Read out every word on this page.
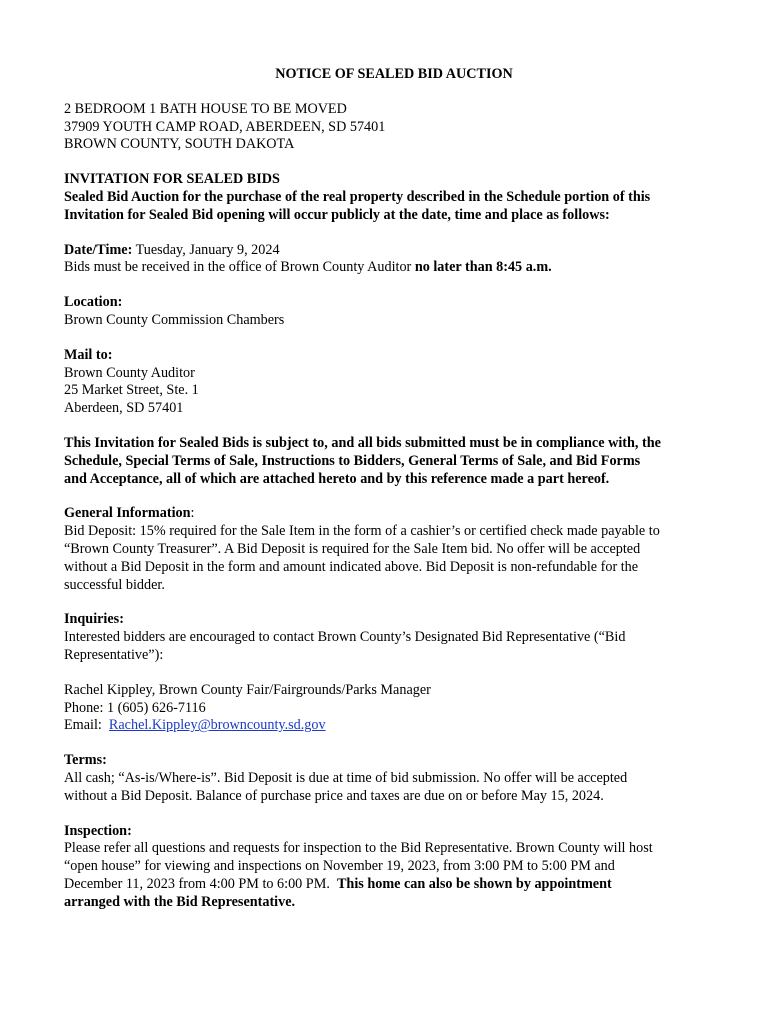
NOTICE OF SEALED BID AUCTION
2 BEDROOM 1 BATH HOUSE TO BE MOVED
37909 YOUTH CAMP ROAD, ABERDEEN, SD 57401
BROWN COUNTY, SOUTH DAKOTA
INVITATION FOR SEALED BIDS
Sealed Bid Auction for the purchase of the real property described in the Schedule portion of this
Invitation for Sealed Bid opening will occur publicly at the date, time and place as follows:
Date/Time: Tuesday, January 9, 2024
Bids must be received in the office of Brown County Auditor no later than 8:45 a.m.
Location:
Brown County Commission Chambers
Mail to:
Brown County Auditor
25 Market Street, Ste. 1
Aberdeen, SD 57401
This Invitation for Sealed Bids is subject to, and all bids submitted must be in compliance with, the
Schedule, Special Terms of Sale, Instructions to Bidders, General Terms of Sale, and Bid Forms
and Acceptance, all of which are attached hereto and by this reference made a part hereof.
General Information:
Bid Deposit: 15% required for the Sale Item in the form of a cashier’s or certified check made payable to
“Brown County Treasurer”. A Bid Deposit is required for the Sale Item bid. No offer will be accepted
without a Bid Deposit in the form and amount indicated above. Bid Deposit is non-refundable for the
successful bidder.
Inquiries:
Interested bidders are encouraged to contact Brown County’s Designated Bid Representative (“Bid
Representative”):
Rachel Kippley, Brown County Fair/Fairgrounds/Parks Manager
Phone: 1 (605) 626-7116
Email:  Rachel.Kippley@browncounty.sd.gov
Terms:
All cash; “As-is/Where-is”. Bid Deposit is due at time of bid submission. No offer will be accepted
without a Bid Deposit. Balance of purchase price and taxes are due on or before May 15, 2024.
Inspection:
Please refer all questions and requests for inspection to the Bid Representative. Brown County will host
“open house” for viewing and inspections on November 19, 2023, from 3:00 PM to 5:00 PM and
December 11, 2023 from 4:00 PM to 6:00 PM.  This home can also be shown by appointment
arranged with the Bid Representative.
